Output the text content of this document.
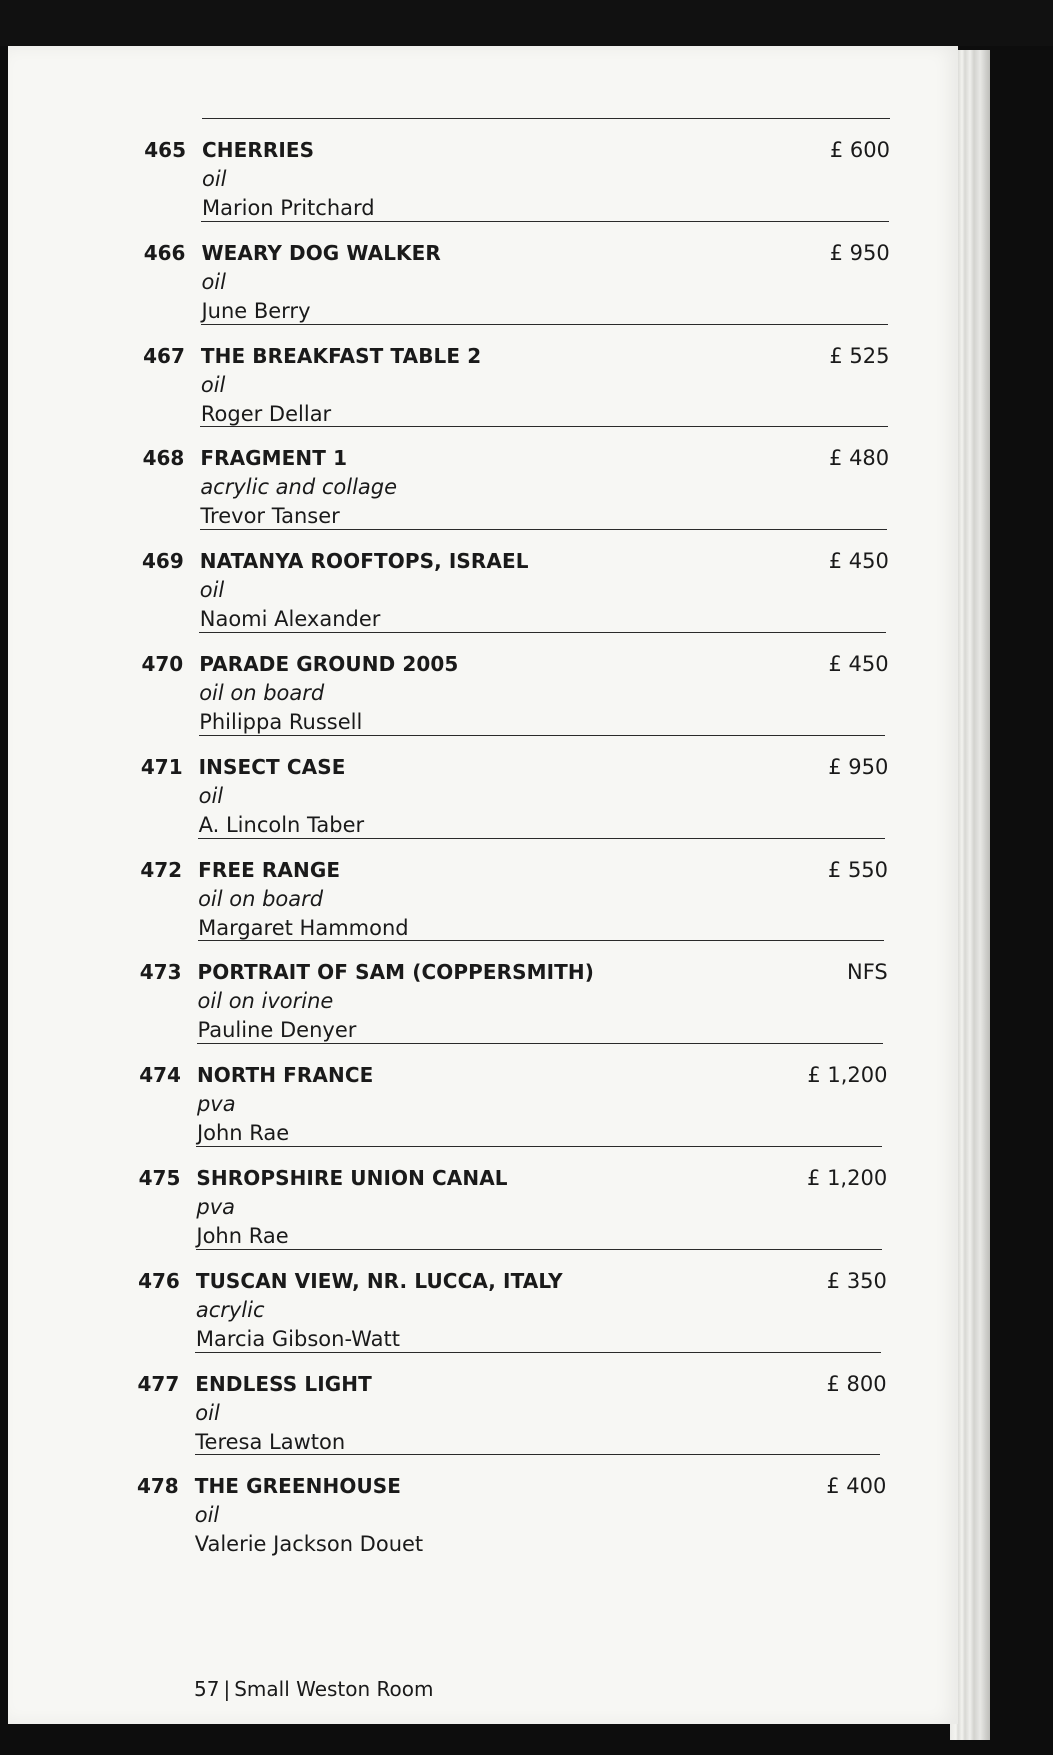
465 CHERRIES
oil
Marion Pritchard
£ 600
466 WEARY DOG WALKER
oil
June Berry
£ 950
467 THE BREAKFAST TABLE 2
oil
Roger Dellar
£ 525
468 FRAGMENT 1
acrylic and collage
Trevor Tanser
£ 480
469 NATANYA ROOFTOPS, ISRAEL
oil
Naomi Alexander
£ 450
470 PARADE GROUND 2005
oil on board
Philippa Russell
£ 450
471 INSECT CASE
oil
A. Lincoln Taber
£ 950
472 FREE RANGE
oil on board
Margaret Hammond
£ 550
473 PORTRAIT OF SAM (COPPERSMITH)
oil on ivorine
Pauline Denyer
NFS
474 NORTH FRANCE
pva
John Rae
£ 1,200
475 SHROPSHIRE UNION CANAL
pva
John Rae
£ 1,200
476 TUSCAN VIEW, NR. LUCCA, ITALY
acrylic
Marcia Gibson-Watt
£ 350
477 ENDLESS LIGHT
oil
Teresa Lawton
£ 800
478 THE GREENHOUSE
oil
Valerie Jackson Douet
£ 400
57 | Small Weston Room
